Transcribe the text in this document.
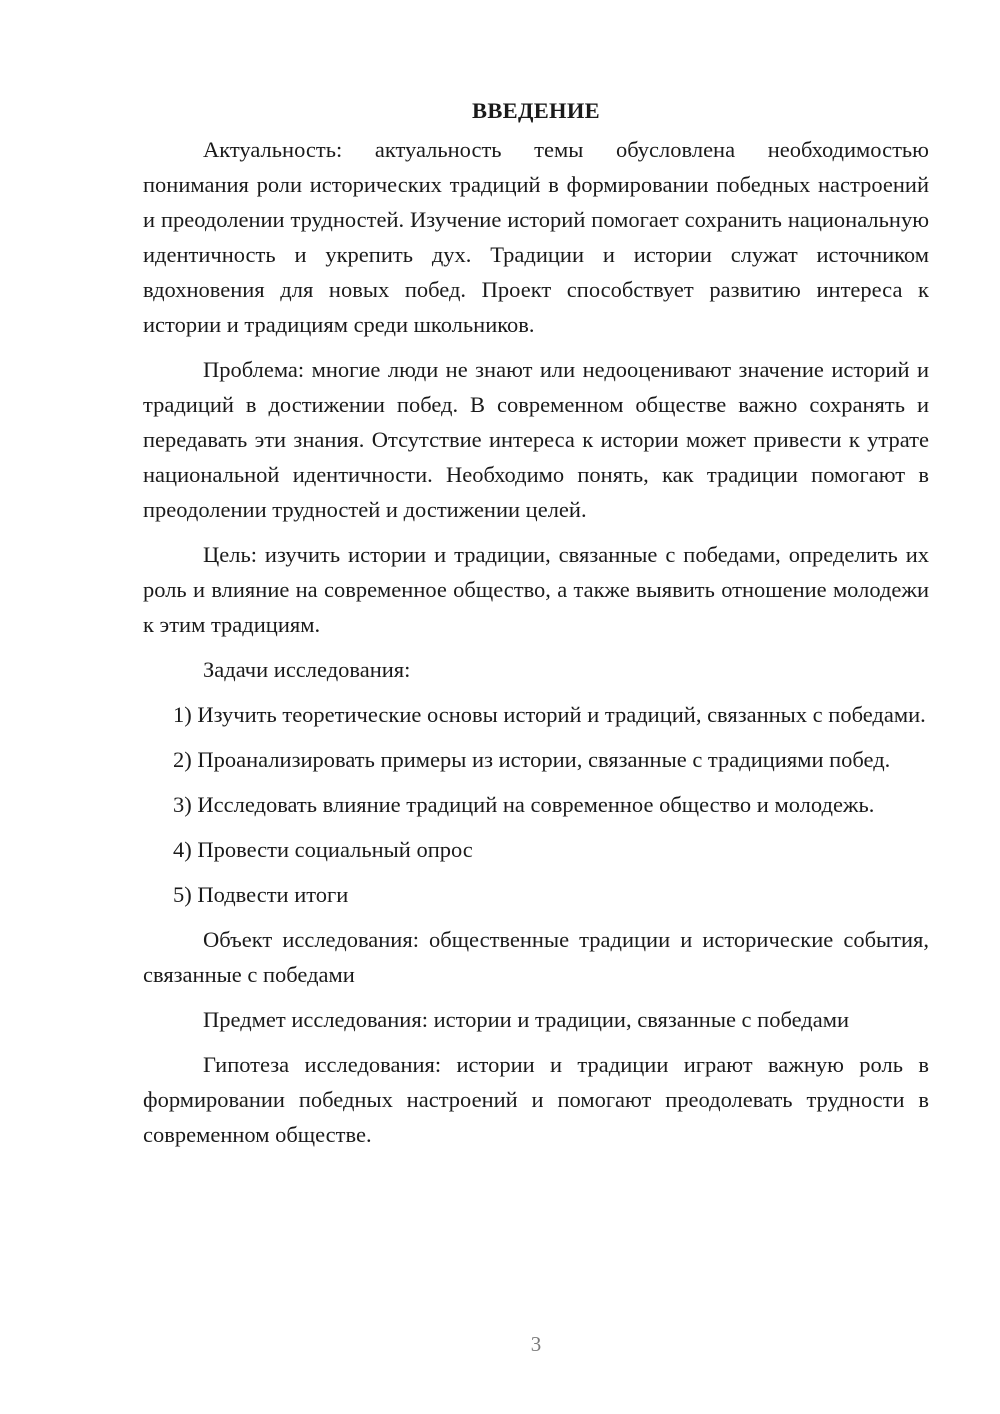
ВВЕДЕНИЕ

Актуальность: актуальность темы обусловлена необходимостью понимания роли исторических традиций в формировании победных настроений и преодолении трудностей. Изучение историй помогает сохранить национальную идентичность и укрепить дух. Традиции и истории служат источником вдохновения для новых побед. Проект способствует развитию интереса к истории и традициям среди школьников.

Проблема: многие люди не знают или недооценивают значение историй и традиций в достижении побед. В современном обществе важно сохранять и передавать эти знания. Отсутствие интереса к истории может привести к утрате национальной идентичности. Необходимо понять, как традиции помогают в преодолении трудностей и достижении целей.

Цель: изучить истории и традиции, связанные с победами, определить их роль и влияние на современное общество, а также выявить отношение молодежи к этим традициям.

Задачи исследования:

1) Изучить теоретические основы историй и традиций, связанных с победами.

2) Проанализировать примеры из истории, связанные с традициями побед.

3) Исследовать влияние традиций на современное общество и молодежь.

4) Провести социальный опрос

5) Подвести итоги

Объект исследования: общественные традиции и исторические события, связанные с победами

Предмет исследования: истории и традиции, связанные с победами

Гипотеза исследования: истории и традиции играют важную роль в формировании победных настроений и помогают преодолевать трудности в современном обществе.

3
